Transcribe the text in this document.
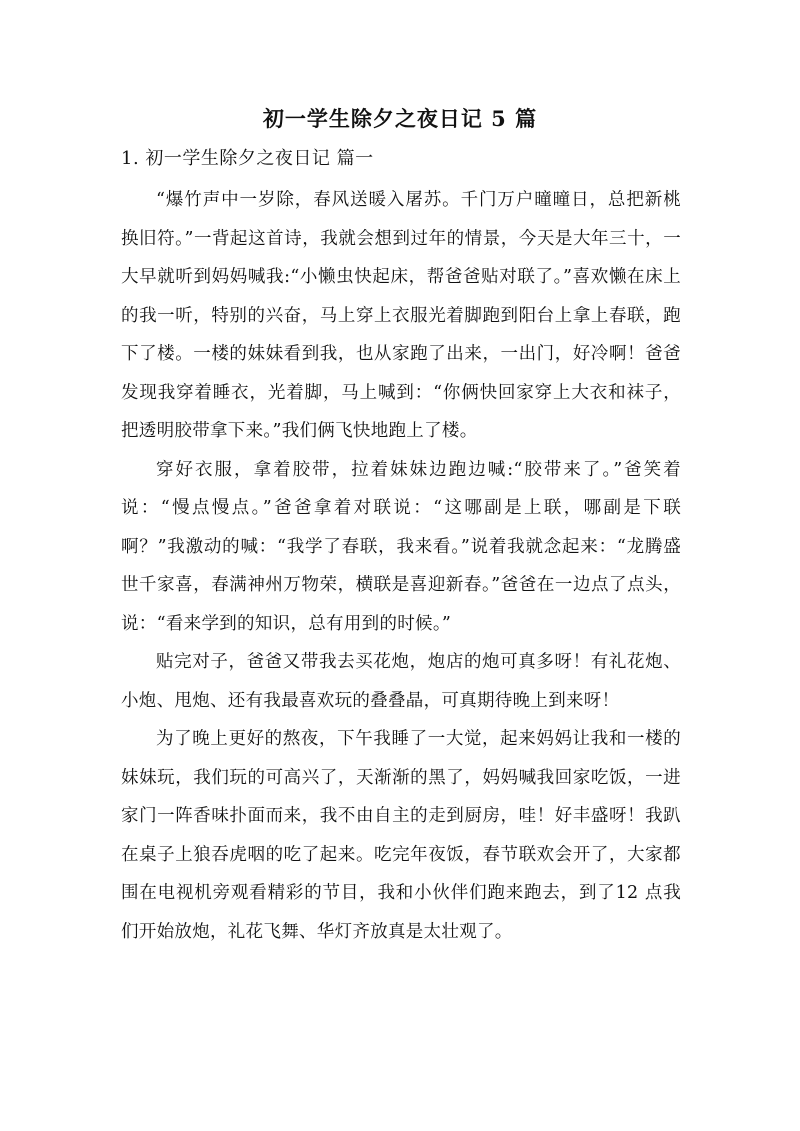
初一学生除夕之夜日记 5 篇
1. 初一学生除夕之夜日记 篇一

“爆竹声中一岁除，春风送暖入屠苏。千门万户曈曈日，总把新桃换旧符。”一背起这首诗，我就会想到过年的情景，今天是大年三十，一大早就听到妈妈喊我:“小懒虫快起床，帮爸爸贴对联了。”喜欢懒在床上的我一听，特别的兴奋，马上穿上衣服光着脚跑到阳台上拿上春联，跑下了楼。一楼的妹妹看到我，也从家跑了出来，一出门，好冷啊！爸爸发现我穿着睡衣，光着脚，马上喊到：“你俩快回家穿上大衣和袜子，把透明胶带拿下来。”我们俩飞快地跑上了楼。

穿好衣服，拿着胶带，拉着妹妹边跑边喊:“胶带来了。”爸笑着说：“慢点慢点。”爸爸拿着对联说：“这哪副是上联，哪副是下联啊？”我激动的喊：“我学了春联，我来看。”说着我就念起来：“龙腾盛世千家喜，春满神州万物荣，横联是喜迎新春。”爸爸在一边点了点头，说：“看来学到的知识，总有用到的时候。”

贴完对子，爸爸又带我去买花炮，炮店的炮可真多呀！有礼花炮、小炮、甩炮、还有我最喜欢玩的叠叠晶，可真期待晚上到来呀！

为了晚上更好的熬夜，下午我睡了一大觉，起来妈妈让我和一楼的妹妹玩，我们玩的可高兴了，天渐渐的黑了，妈妈喊我回家吃饭，一进家门一阵香味扑面而来，我不由自主的走到厨房，哇！好丰盛呀！我趴在桌子上狼吞虎咽的吃了起来。吃完年夜饭，春节联欢会开了，大家都围在电视机旁观看精彩的节目，我和小伙伴们跑来跑去，到了12 点我们开始放炮，礼花飞舞、华灯齐放真是太壮观了。
